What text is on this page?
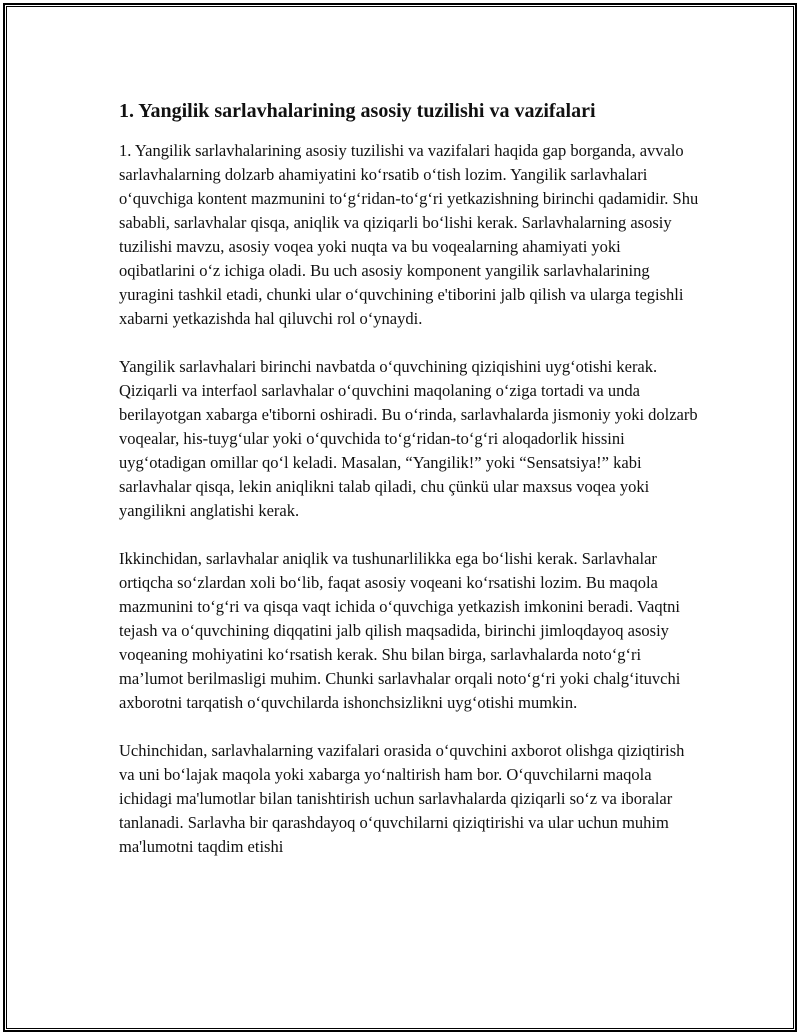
1. Yangilik sarlavhalarining asosiy tuzilishi va vazifalari

1. Yangilik sarlavhalarining asosiy tuzilishi va vazifalari haqida gap borganda, avvalo sarlavhalarning dolzarb ahamiyatini ko‘rsatib o‘tish lozim. Yangilik sarlavhalari o‘quvchiga kontent mazmunini to‘g‘ridan-to‘g‘ri yetkazishning birinchi qadamidir. Shu sababli, sarlavhalar qisqa, aniqlik va qiziqarli bo‘lishi kerak. Sarlavhalarning asosiy tuzilishi mavzu, asosiy voqea yoki nuqta va bu voqealarning ahamiyati yoki oqibatlarini o‘z ichiga oladi. Bu uch asosiy komponent yangilik sarlavhalarining yuragini tashkil etadi, chunki ular o‘quvchining e'tiborini jalb qilish va ularga tegishli xabarni yetkazishda hal qiluvchi rol o‘ynaydi.

Yangilik sarlavhalari birinchi navbatda o‘quvchining qiziqishini uyg‘otishi kerak. Qiziqarli va interfaol sarlavhalar o‘quvchini maqolaning o‘ziga tortadi va unda berilayotgan xabarga e'tiborni oshiradi. Bu o‘rinda, sarlavhalarda jismoniy yoki dolzarb voqealar, his-tuyg‘ular yoki o‘quvchida to‘g‘ridan-to‘g‘ri aloqadorlik hissini uyg‘otadigan omillar qo‘l keladi. Masalan, “Yangilik!” yoki “Sensatsiya!” kabi sarlavhalar qisqa, lekin aniqlikni talab qiladi, chu çünkü ular maxsus voqea yoki yangilikni anglatishi kerak.

Ikkinchidan, sarlavhalar aniqlik va tushunarlilikka ega bo‘lishi kerak. Sarlavhalar ortiqcha so‘zlardan xoli bo‘lib, faqat asosiy voqeani ko‘rsatishi lozim. Bu maqola mazmunini to‘g‘ri va qisqa vaqt ichida o‘quvchiga yetkazish imkonini beradi. Vaqtni tejash va o‘quvchining diqqatini jalb qilish maqsadida, birinchi jimloqdayoq asosiy voqeaning mohiyatini ko‘rsatish kerak. Shu bilan birga, sarlavhalarda noto‘g‘ri ma’lumot berilmasligi muhim. Chunki sarlavhalar orqali noto‘g‘ri yoki chalg‘ituvchi axborotni tarqatish o‘quvchilarda ishonchsizlikni uyg‘otishi mumkin.

Uchinchidan, sarlavhalarning vazifalari orasida o‘quvchini axborot olishga qiziqtirish va uni bo‘lajak maqola yoki xabarga yo‘naltirish ham bor. O‘quvchilarni maqola ichidagi ma'lumotlar bilan tanishtirish uchun sarlavhalarda qiziqarli so‘z va iboralar tanlanadi. Sarlavha bir qarashdayoq o‘quvchilarni qiziqtirishi va ular uchun muhim ma'lumotni taqdim etishi
